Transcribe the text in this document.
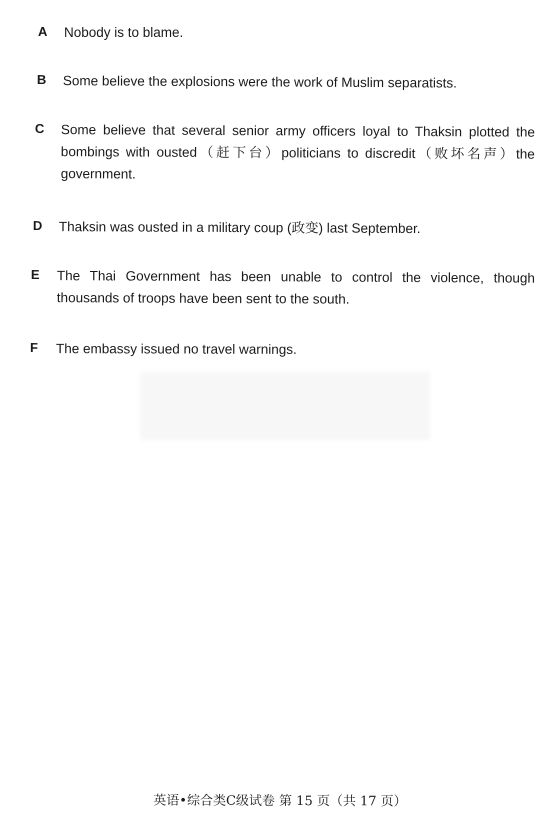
A	Nobody is to blame.
B	Some believe the explosions were the work of Muslim separatists.
C	Some believe that several senior army officers loyal to Thaksin plotted the bombings with ousted（赶下台）politicians to discredit（败坏名声）the government.
D	Thaksin was ousted in a military coup (政变) last September.
E	The Thai Government has been unable to control the violence, though thousands of troops have been sent to the south.
F	The embassy issued no travel warnings.
英语•综合类C级试卷 第 15 页（共 17 页）
